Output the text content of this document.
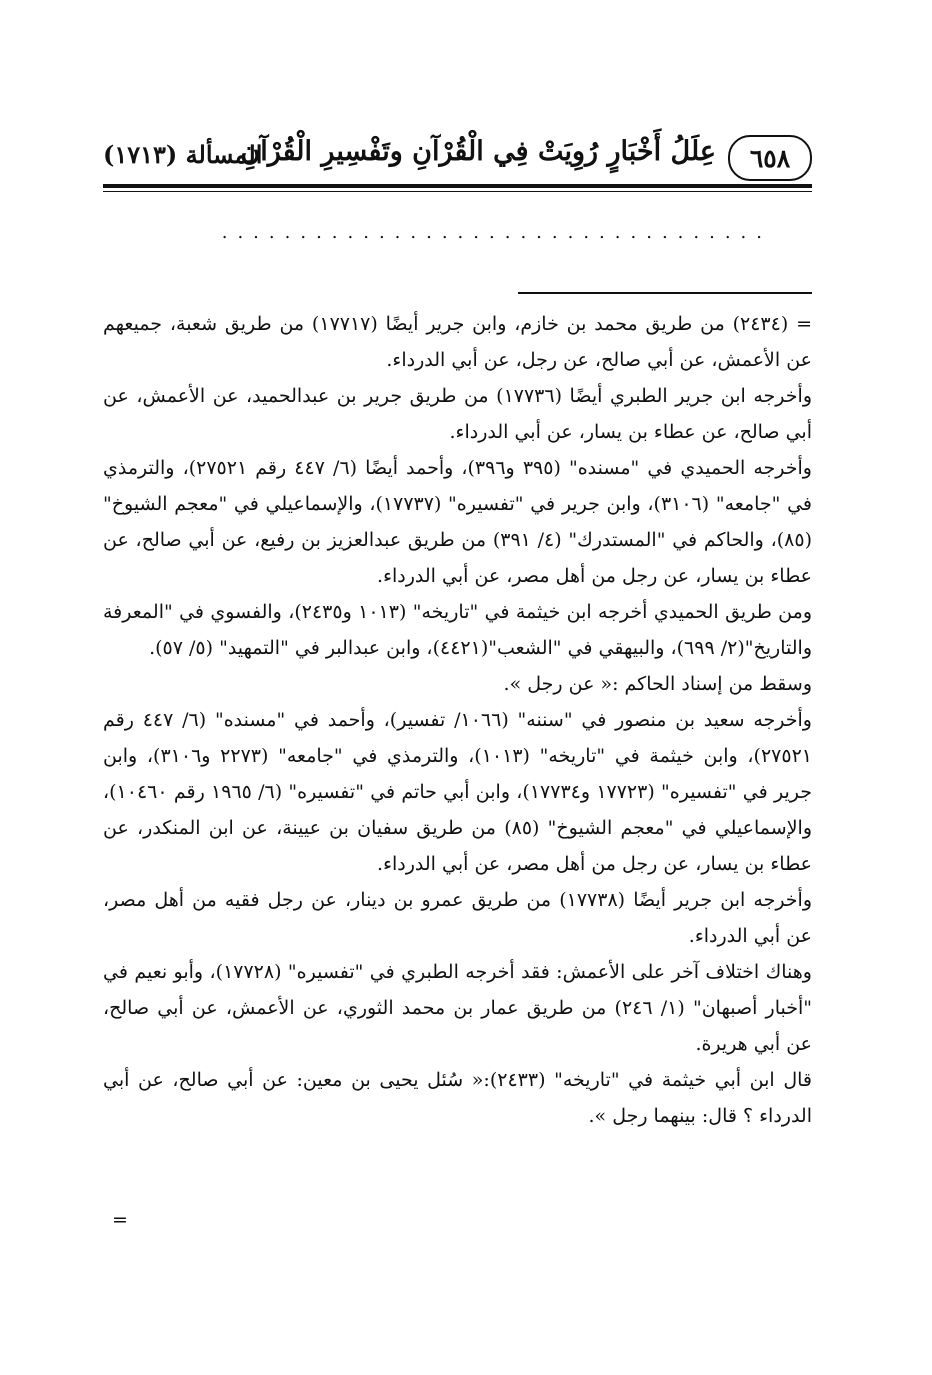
٦٥٨
عِلَلُ أَخْبَارٍ رُوِيَتْ فِي الْقُرْآنِ وتَفْسِيرِ الْقُرْآنِ
المسألة (١٧١٣)
...................................

= (٢٤٣٤) من طريق محمد بن خازم، وابن جرير أيضًا (١٧٧١٧) من طريق شعبة، جميعهم عن الأعمش، عن أبي صالح، عن رجل، عن أبي الدرداء.

وأخرجه ابن جرير الطبري أيضًا (١٧٧٣٦) من طريق جرير بن عبدالحميد، عن الأعمش، عن أبي صالح، عن عطاء بن يسار، عن أبي الدرداء.

وأخرجه الحميدي في "مسنده" (٣٩٥ و٣٩٦)، وأحمد أيضًا (٦/ ٤٤٧ رقم ٢٧٥٢١)، والترمذي في "جامعه" (٣١٠٦)، وابن جرير في "تفسيره" (١٧٧٣٧)، والإسماعيلي في "معجم الشيوخ" (٨٥)، والحاكم في "المستدرك" (٤/ ٣٩١) من طريق عبدالعزيز بن رفيع، عن أبي صالح، عن عطاء بن يسار، عن رجل من أهل مصر، عن أبي الدرداء.

ومن طريق الحميدي أخرجه ابن خيثمة في "تاريخه" (١٠١٣ و٢٤٣٥)، والفسوي في "المعرفة والتاريخ"(٢/ ٦٩٩)، والبيهقي في "الشعب"(٤٤٢١)، وابن عبدالبر في "التمهيد" (٥/ ٥٧).

وسقط من إسناد الحاكم :« عن رجل ».

وأخرجه سعيد بن منصور في "سننه" (١٠٦٦/ تفسير)، وأحمد في "مسنده" (٦/ ٤٤٧ رقم ٢٧٥٢١)، وابن خيثمة في "تاريخه" (١٠١٣)، والترمذي في "جامعه" (٢٢٧٣ و٣١٠٦)، وابن جرير في "تفسيره" (١٧٧٢٣ و١٧٧٣٤)، وابن أبي حاتم في "تفسيره" (٦/ ١٩٦٥ رقم ١٠٤٦٠)، والإسماعيلي في "معجم الشيوخ" (٨٥) من طريق سفيان بن عيينة، عن ابن المنكدر، عن عطاء بن يسار، عن رجل من أهل مصر، عن أبي الدرداء.

وأخرجه ابن جرير أيضًا (١٧٧٣٨) من طريق عمرو بن دينار، عن رجل فقيه من أهل مصر، عن أبي الدرداء.

وهناك اختلاف آخر على الأعمش: فقد أخرجه الطبري في "تفسيره" (١٧٧٢٨)، وأبو نعيم في "أخبار أصبهان" (١/ ٢٤٦) من طريق عمار بن محمد الثوري، عن الأعمش، عن أبي صالح، عن أبي هريرة.

قال ابن أبي خيثمة في "تاريخه" (٢٤٣٣):« سُئل يحيى بن معين: عن أبي صالح، عن أبي الدرداء ؟ قال: بينهما رجل ».

=
